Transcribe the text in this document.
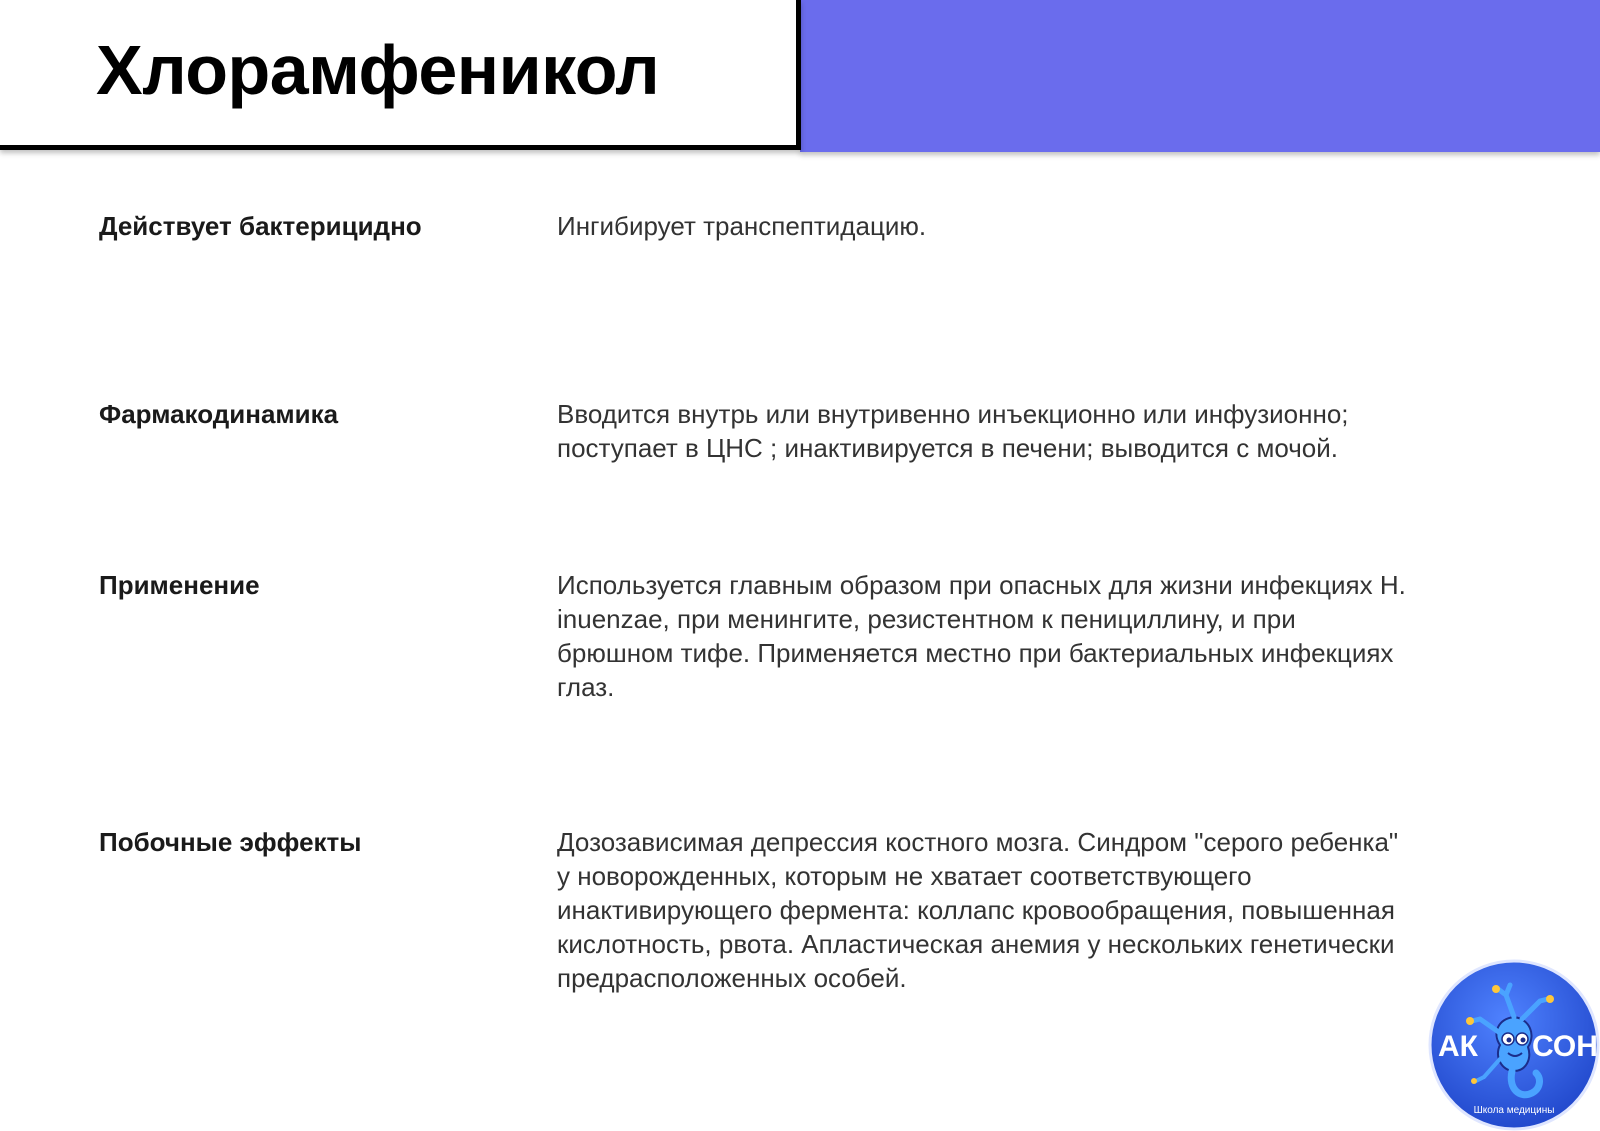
Хлорамфеникол

Действует бактерицидно	Ингибирует транспептидацию.

Фармакодинамика	Вводится внутрь или внутривенно инъекционно или инфузионно; поступает в ЦНС ; инактивируется в печени; выводится с мочой.

Применение	Используется главным образом при опасных для жизни инфекциях H. inuenzae, при менингите, резистентном к пенициллину, и при брюшном тифе. Применяется местно при бактериальных инфекциях глаз.

Побочные эффекты	Дозозависимая депрессия костного мозга. Синдром "серого ребенка" у новорожденных, которым не хватает соответствующего инактивирующего фермента: коллапс кровообращения, повышенная кислотность, рвота. Апластическая анемия у нескольких генетически предрасположенных особей.

АК СОН
Школа медицины
